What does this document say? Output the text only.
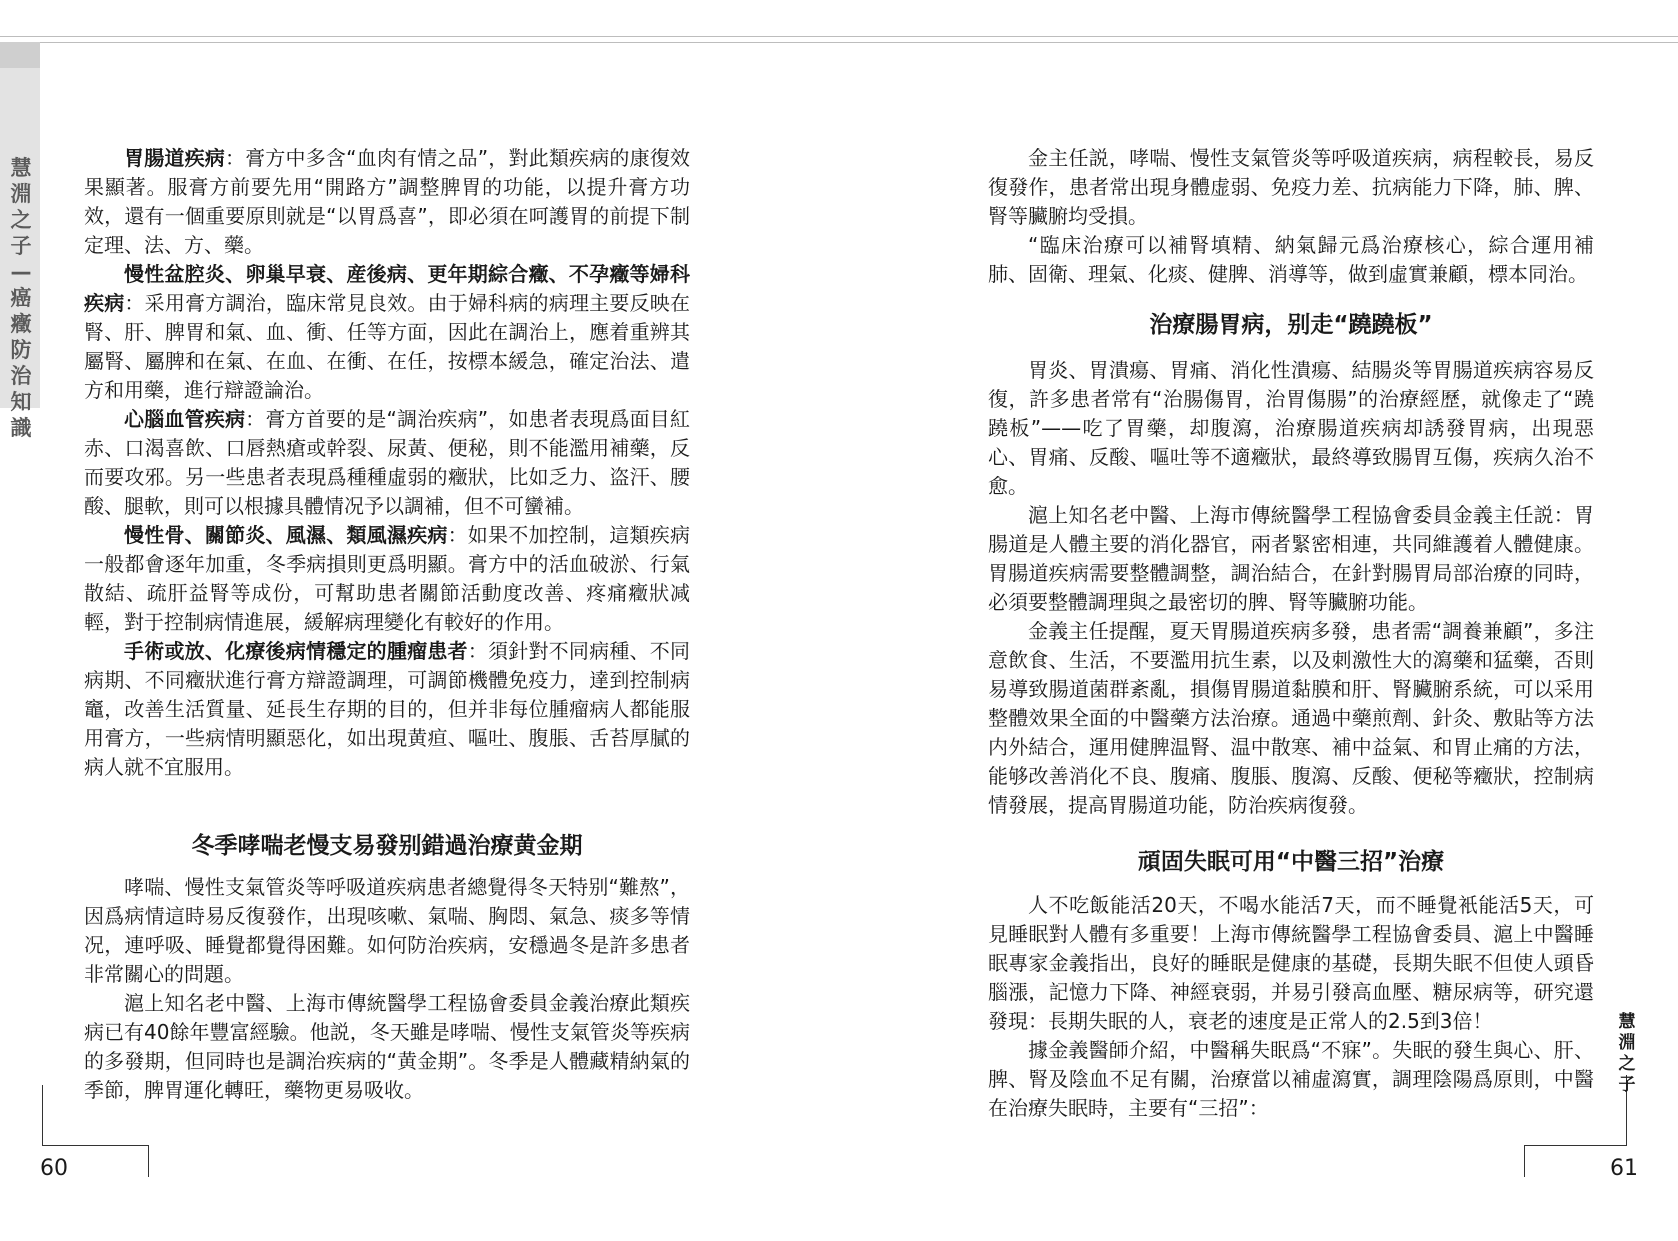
慧淵之子—癌癥防治知識
60
慧淵之子
61

胃腸道疾病：膏方中多含“血肉有情之品”，對此類疾病的康復效果顯著。服膏方前要先用“開路方”調整脾胃的功能，以提升膏方功效，還有一個重要原則就是“以胃爲喜”，即必須在呵護胃的前提下制定理、法、方、藥。

慢性盆腔炎、卵巢早衰、産後病、更年期綜合癥、不孕癥等婦科疾病：采用膏方調治，臨床常見良效。由于婦科病的病理主要反映在腎、肝、脾胃和氣、血、衝、任等方面，因此在調治上，應着重辨其屬腎、屬脾和在氣、在血、在衝、在任，按標本緩急，確定治法、遣方和用藥，進行辯證論治。

心腦血管疾病：膏方首要的是“調治疾病”，如患者表現爲面目紅赤、口渴喜飲、口唇熱瘡或幹裂、尿黃、便秘，則不能濫用補藥，反而要攻邪。另一些患者表現爲種種虛弱的癥狀，比如乏力、盗汗、腰酸、腿軟，則可以根據具體情况予以調補，但不可蠻補。

慢性骨、關節炎、風濕、類風濕疾病：如果不加控制，這類疾病一般都會逐年加重，冬季病損則更爲明顯。膏方中的活血破淤、行氣散結、疏肝益腎等成份，可幫助患者關節活動度改善、疼痛癥狀减輕，對于控制病情進展，緩解病理變化有較好的作用。

手術或放、化療後病情穩定的腫瘤患者：須針對不同病種、不同病期、不同癥狀進行膏方辯證調理，可調節機體免疫力，達到控制病竈，改善生活質量、延長生存期的目的，但并非每位腫瘤病人都能服用膏方，一些病情明顯惡化，如出現黄疸、嘔吐、腹脹、舌苔厚膩的病人就不宜服用。

冬季哮喘老慢支易發别錯過治療黄金期

哮喘、慢性支氣管炎等呼吸道疾病患者總覺得冬天特别“難熬”，因爲病情這時易反復發作，出現咳嗽、氣喘、胸悶、氣急、痰多等情况，連呼吸、睡覺都覺得困難。如何防治疾病，安穩過冬是許多患者非常關心的問題。

滬上知名老中醫、上海市傳統醫學工程協會委員金義治療此類疾病已有40餘年豐富經驗。他説，冬天雖是哮喘、慢性支氣管炎等疾病的多發期，但同時也是調治疾病的“黄金期”。冬季是人體藏精納氣的季節，脾胃運化轉旺，藥物更易吸收。

金主任説，哮喘、慢性支氣管炎等呼吸道疾病，病程較長，易反復發作，患者常出現身體虚弱、免疫力差、抗病能力下降，肺、脾、腎等臟腑均受損。

“臨床治療可以補腎填精、納氣歸元爲治療核心，綜合運用補肺、固衛、理氣、化痰、健脾、消導等，做到虛實兼顧，標本同治。

治療腸胃病，别走“蹺蹺板”

胃炎、胃潰瘍、胃痛、消化性潰瘍、結腸炎等胃腸道疾病容易反復，許多患者常有“治腸傷胃，治胃傷腸”的治療經歷，就像走了“蹺蹺板”——吃了胃藥，却腹瀉，治療腸道疾病却誘發胃病，出現惡心、胃痛、反酸、嘔吐等不適癥狀，最終導致腸胃互傷，疾病久治不愈。

滬上知名老中醫、上海市傳統醫學工程協會委員金義主任説：胃腸道是人體主要的消化器官，兩者緊密相連，共同維護着人體健康。胃腸道疾病需要整體調整，調治結合，在針對腸胃局部治療的同時，必須要整體調理與之最密切的脾、腎等臟腑功能。

金義主任提醒，夏天胃腸道疾病多發，患者需“調養兼顧”，多注意飲食、生活，不要濫用抗生素，以及刺激性大的瀉藥和猛藥，否則易導致腸道菌群紊亂，損傷胃腸道黏膜和肝、腎臟腑系統，可以采用整體效果全面的中醫藥方法治療。通過中藥煎劑、針灸、敷貼等方法内外結合，運用健脾温腎、温中散寒、補中益氣、和胃止痛的方法，能够改善消化不良、腹痛、腹脹、腹瀉、反酸、便秘等癥狀，控制病情發展，提高胃腸道功能，防治疾病復發。

頑固失眠可用“中醫三招”治療

人不吃飯能活20天，不喝水能活7天，而不睡覺衹能活5天，可見睡眠對人體有多重要！上海市傳統醫學工程協會委員、滬上中醫睡眠專家金義指出，良好的睡眠是健康的基礎，長期失眠不但使人頭昏腦漲，記憶力下降、神經衰弱，并易引發高血壓、糖尿病等，研究還發現：長期失眠的人，衰老的速度是正常人的2.5到3倍！

據金義醫師介紹，中醫稱失眠爲“不寐”。失眠的發生與心、肝、脾、腎及陰血不足有關，治療當以補虛瀉實，調理陰陽爲原則，中醫在治療失眠時，主要有“三招”：
